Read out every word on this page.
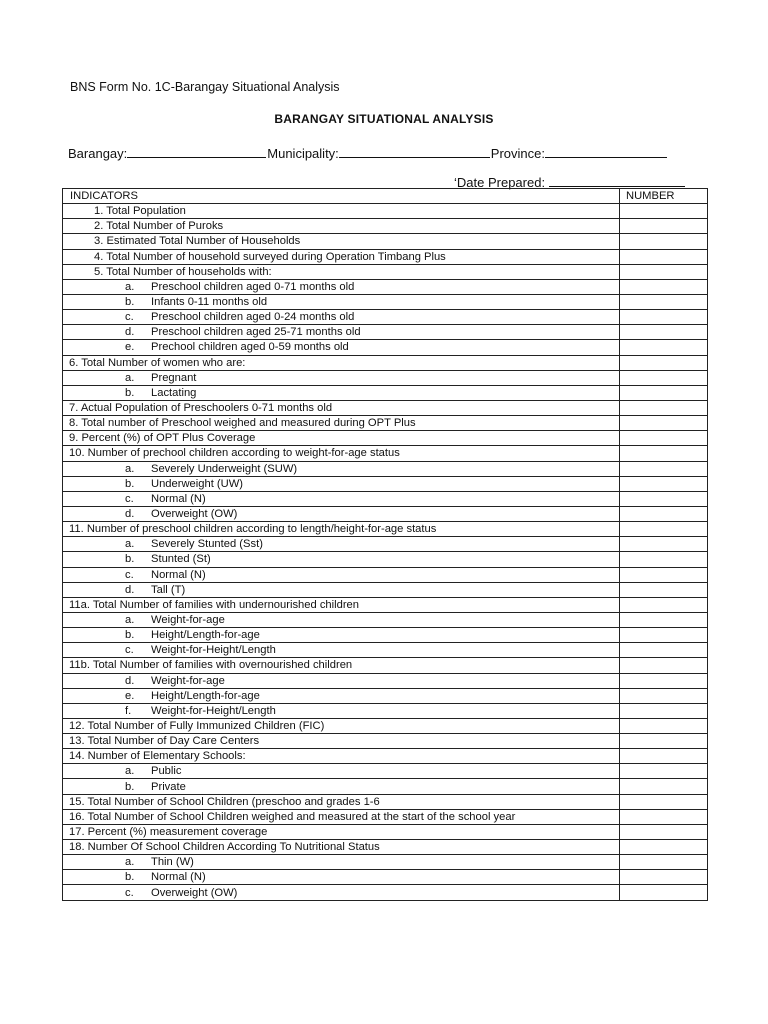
BNS Form No. 1C-Barangay Situational Analysis
BARANGAY SITUATIONAL ANALYSIS
Barangay:	Municipality:	Province:
‘Date Prepared:
INDICATORS	NUMBER
1. Total Population	
2. Total Number of Puroks	
3. Estimated Total Number of Households	
4. Total Number of household surveyed during Operation Timbang Plus	
5. Total Number of households with:	
a. Preschool children aged 0-71 months old	
b. Infants 0-11 months old	
c. Preschool children aged 0-24 months old	
d. Preschool children aged 25-71 months old	
e. Prechool children aged 0-59 months old	
6. Total Number of women who are:	
a. Pregnant	
b. Lactating	
7. Actual Population of Preschoolers 0-71 months old	
8. Total number of Preschool weighed and measured during OPT Plus	
9. Percent (%) of OPT Plus Coverage	
10. Number of prechool children according to weight-for-age status	
a. Severely Underweight (SUW)	
b. Underweight (UW)	
c. Normal (N)	
d. Overweight (OW)	
11. Number of preschool children according to length/height-for-age status	
a. Severely Stunted (Sst)	
b. Stunted (St)	
c. Normal (N)	
d. Tall (T)	
11a. Total Number of families with undernourished children	
a. Weight-for-age	
b. Height/Length-for-age	
c. Weight-for-Height/Length	
11b. Total Number of families with overnourished children	
d. Weight-for-age	
e. Height/Length-for-age	
f. Weight-for-Height/Length	
12. Total Number of Fully Immunized Children (FIC)	
13. Total Number of Day Care Centers	
14. Number of Elementary Schools:	
a. Public	
b. Private	
15. Total Number of School Children (preschoo and grades 1-6	
16. Total Number of School Children weighed and measured at the start of the school year	
17. Percent (%) measurement coverage	
18. Number Of School Children According To Nutritional Status	
a. Thin (W)	
b. Normal (N)	
c. Overweight (OW)	
